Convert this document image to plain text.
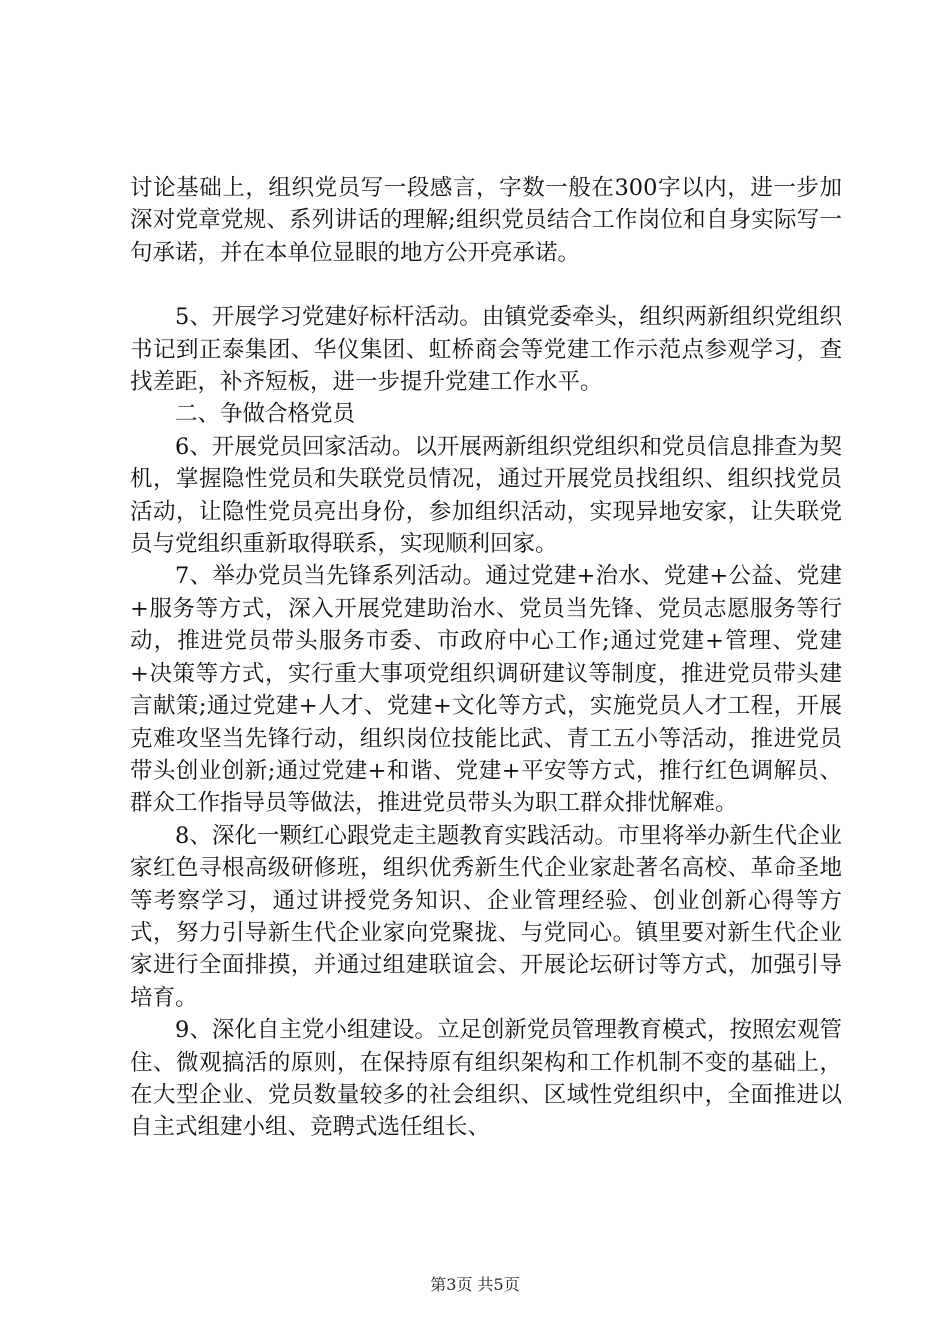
讨论基础上，组织党员写一段感言，字数一般在300字以内，进一步加深对党章党规、系列讲话的理解;组织党员结合工作岗位和自身实际写一句承诺，并在本单位显眼的地方公开亮承诺。

5、开展学习党建好标杆活动。由镇党委牵头，组织两新组织党组织书记到正泰集团、华仪集团、虹桥商会等党建工作示范点参观学习，查找差距，补齐短板，进一步提升党建工作水平。

二、争做合格党员

6、开展党员回家活动。以开展两新组织党组织和党员信息排查为契机，掌握隐性党员和失联党员情况，通过开展党员找组织、组织找党员活动，让隐性党员亮出身份，参加组织活动，实现异地安家，让失联党员与党组织重新取得联系，实现顺利回家。

7、举办党员当先锋系列活动。通过党建+治水、党建+公益、党建+服务等方式，深入开展党建助治水、党员当先锋、党员志愿服务等行动，推进党员带头服务市委、市政府中心工作;通过党建+管理、党建+决策等方式，实行重大事项党组织调研建议等制度，推进党员带头建言献策;通过党建+人才、党建+文化等方式，实施党员人才工程，开展克难攻坚当先锋行动，组织岗位技能比武、青工五小等活动，推进党员带头创业创新;通过党建+和谐、党建+平安等方式，推行红色调解员、群众工作指导员等做法，推进党员带头为职工群众排忧解难。

8、深化一颗红心跟党走主题教育实践活动。市里将举办新生代企业家红色寻根高级研修班，组织优秀新生代企业家赴著名高校、革命圣地等考察学习，通过讲授党务知识、企业管理经验、创业创新心得等方式，努力引导新生代企业家向党聚拢、与党同心。镇里要对新生代企业家进行全面排摸，并通过组建联谊会、开展论坛研讨等方式，加强引导培育。

9、深化自主党小组建设。立足创新党员管理教育模式，按照宏观管住、微观搞活的原则，在保持原有组织架构和工作机制不变的基础上，在大型企业、党员数量较多的社会组织、区域性党组织中，全面推进以自主式组建小组、竞聘式选任组长、

第3页 共5页
